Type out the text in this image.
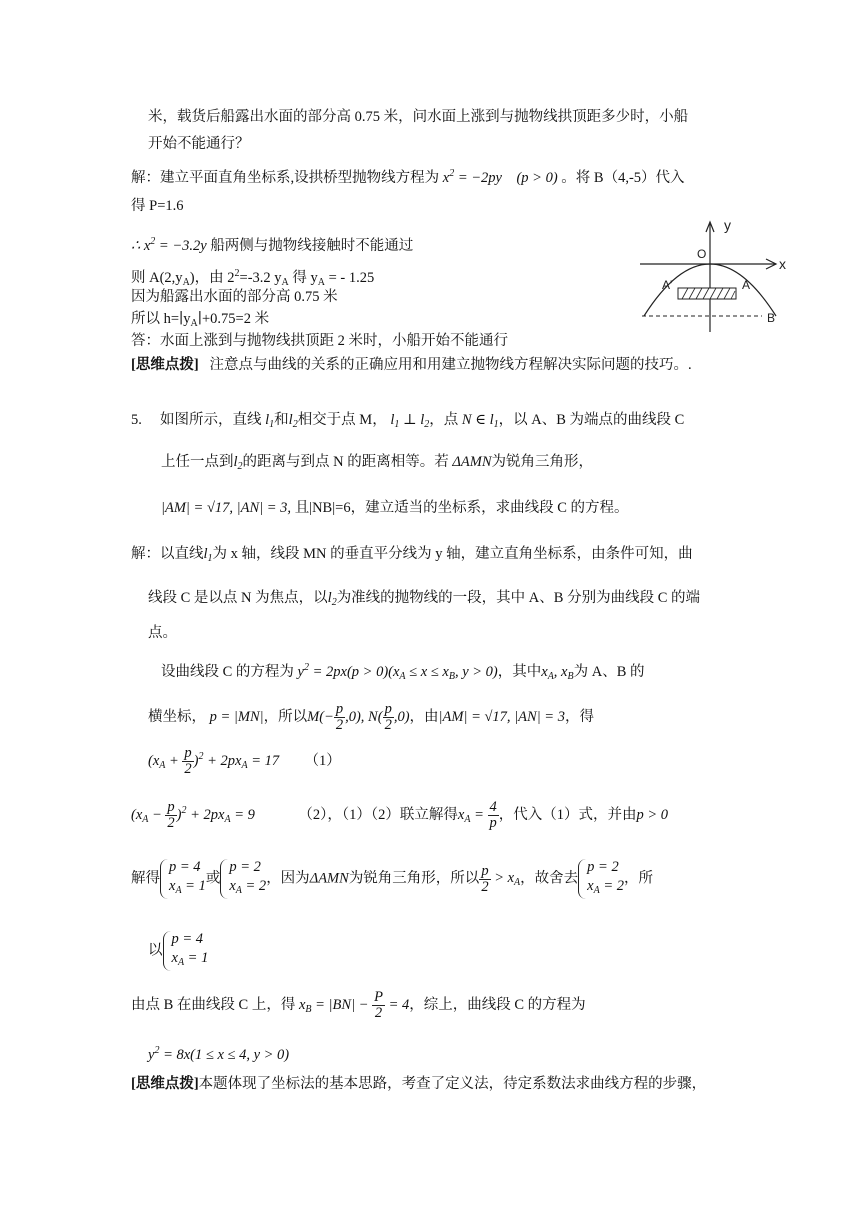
米，载货后船露出水面的部分高 0.75 米，问水面上涨到与抛物线拱顶距多少时，小船
开始不能通行？
解：建立平面直角坐标系,设拱桥型抛物线方程为 $x^2 = -2py$    (p > 0) 。将 B（4,-5）代入
得 P=1.6
∴ $x^2 = -3.2y$ 船两侧与抛物线接触时不能通过
则 $A(2,y_A)$，由 $2^2=-3.2$ $y_A$ 得 $y_A$ = - 1.25
因为船露出水面的部分高 0.75 米
所以 $h=∣y_A∣+0.75=2$ 米
答：水面上涨到与抛物线拱顶距 2 米时，小船开始不能通行
[思维点拨] 注意点与曲线的关系的正确应用和用建立抛物线方程解决实际问题的技巧。.
y
O
x
A'	A
B
5. 如图所示，直线 $l_1$和$l_2$相交于点 M， $l_1$ ⊥ $l_2$，点 N ∈ $l_1$，以 A、B 为端点的曲线段 C
上任一点到$l_2$的距离与到点 N 的距离相等。若 ΔAMN为锐角三角形，
|AM| = √17, |AN| = 3, 且|NB|=6，建立适当的坐标系，求曲线段 C 的方程。
解：以直线$l_1$为 x 轴，线段 MN 的垂直平分线为 y 轴，建立直角坐标系，由条件可知，曲
线段 C 是以点 N 为焦点，以$l_2$为准线的抛物线的一段，其中 A、B 分别为曲线段 C 的端
点。
设曲线段 C 的方程为 $y^2 = 2px(p > 0)(x_A \le x \le x_B$, y > 0)，其中$x_A$, $x_B$为 A、B 的
横坐标， p = |MN|，所以$M(- \frac{p}{2} ,0)$, $N( \frac{p}{2} ,0)$，由|AM| = √17, |AN| = 3，得
$(x_A + \frac{p}{2} )^2 + 2px_A = 17$ （1）
$(x_A - \frac{p}{2} )^2 + 2px_A = 9$	（2），（1）（2）联立解得$x_A = \frac{4}{p}$ ，代入（1）式，并由p > 0
解得
p = 4
$x_A = 1$ 或
p = 2
$x_A = 2$ ，因为ΔAMN为锐角三角形，所以 $\frac{p}{2} > x_A$，故舍去
p = 2
$x_A = 2$ ，所
以
p = 4
$x_A = 1$
由点 B 在曲线段 C 上，得 $x_B = |BN| - \frac{P}{2} = 4$，综上，曲线段 C 的方程为
$y^2 = 8x(1 \le x \le 4$, y > 0)
[思维点拨]本题体现了坐标法的基本思路，考查了定义法，待定系数法求曲线方程的步骤，
